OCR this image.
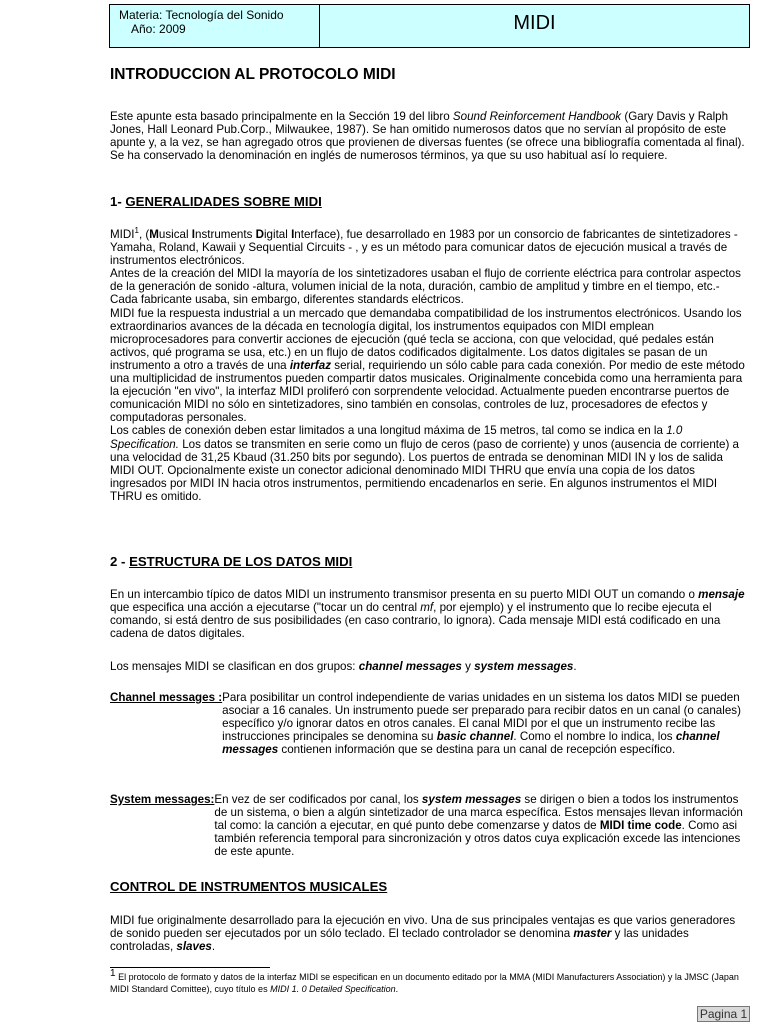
Materia: Tecnología del Sonido
Año: 2009	MIDI
INTRODUCCION AL PROTOCOLO MIDI

Este apunte esta basado principalmente en la Sección 19 del libro Sound Reinforcement Handbook (Gary Davis y Ralph Jones, Hall Leonard Pub.Corp., Milwaukee, 1987). Se han omitido numerosos datos que no servían al propósito de este apunte y, a la vez, se han agregado otros que provienen de diversas fuentes (se ofrece una bibliografía comentada al final). Se ha conservado la denominación en inglés de numerosos términos, ya que su uso habitual así lo requiere.

1- GENERALIDADES SOBRE MIDI

MIDI$^1$, (Musical Instruments Digital Interface), fue desarrollado en 1983 por un consorcio de fabricantes de sintetizadores -Yamaha, Roland, Kawaii y Sequential Circuits - , y es un método para comunicar datos de ejecución musical a través de instrumentos electrónicos.

Antes de la creación del MIDI la mayoría de los sintetizadores usaban el flujo de corriente eléctrica para controlar aspectos de la generación de sonido -altura, volumen inicial de la nota, duración, cambio de amplitud y timbre en el tiempo, etc.- Cada fabricante usaba, sin embargo, diferentes standards eléctricos.

MIDI fue la respuesta industrial a un mercado que demandaba compatibilidad de los instrumentos electrónicos. Usando los extraordinarios avances de la década en tecnología digital, los instrumentos equipados con MIDI emplean microprocesadores para convertir acciones de ejecución (qué tecla se acciona, con que velocidad, qué pedales están activos, qué programa se usa, etc.) en un flujo de datos codificados digitalmente. Los datos digitales se pasan de un instrumento a otro a través de una interfaz serial, requiriendo un sólo cable para cada conexión. Por medio de este método una multiplicidad de instrumentos pueden compartir datos musicales. Originalmente concebida como una herramienta para la ejecución "en vivo", la interfaz MIDI proliferó con sorprendente velocidad. Actualmente pueden encontrarse puertos de comunicación MIDI no sólo en sintetizadores, sino también en consolas, controles de luz, procesadores de efectos y computadoras personales.

Los cables de conexión deben estar limitados a una longitud máxima de 15 metros, tal como se indica en la 1.0 Specification. Los datos se transmiten en serie como un flujo de ceros (paso de corriente) y unos (ausencia de corriente) a una velocidad de 31,25 Kbaud (31.250 bits por segundo). Los puertos de entrada se denominan MIDI IN y los de salida MIDI OUT. Opcionalmente existe un conector adicional denominado MIDI THRU que envía una copia de los datos ingresados por MIDI IN hacia otros instrumentos, permitiendo encadenarlos en serie. En algunos instrumentos el MIDI THRU es omitido.

2 - ESTRUCTURA DE LOS DATOS MIDI

En un intercambio típico de datos MIDI un instrumento transmisor presenta en su puerto MIDI OUT un comando o mensaje que especifica una acción a ejecutarse ("tocar un do central mf, por ejemplo) y el instrumento que lo recibe ejecuta el comando, si está dentro de sus posibilidades (en caso contrario, lo ignora). Cada mensaje MIDI está codificado en una cadena de datos digitales.

Los mensajes MIDI se clasifican en dos grupos: channel messages y system messages.

Channel messages : Para posibilitar un control independiente de varias unidades en un sistema los datos MIDI se pueden asociar a 16 canales. Un instrumento puede ser preparado para recibir datos en un canal (o canales) específico y/o ignorar datos en otros canales. El canal MIDI por el que un instrumento recibe las instrucciones principales se denomina su basic channel. Como el nombre lo indica, los channel messages contienen información que se destina para un canal de recepción específico.
System messages: En vez de ser codificados por canal, los system messages se dirigen o bien a todos los instrumentos de un sistema, o bien a algún sintetizador de una marca específica. Estos mensajes llevan información tal como: la canción a ejecutar, en qué punto debe comenzarse y datos de MIDI time code. Como asi también referencia temporal para sincronización y otros datos cuya explicación excede las intenciones de este apunte.
CONTROL DE INSTRUMENTOS MUSICALES

MIDI fue originalmente desarrollado para la ejecución en vivo. Una de sus principales ventajas es que varios generadores de sonido pueden ser ejecutados por un sólo teclado. El teclado controlador se denomina master y las unidades controladas, slaves.

$^1$ El protocolo de formato y datos de la interfaz MIDI se especifican en un documento editado por la MMA (MIDI Manufacturers Association) y la JMSC (Japan MIDI Standard Comittee), cuyo título es MIDI 1. 0 Detailed Specification.
Pagina 1
